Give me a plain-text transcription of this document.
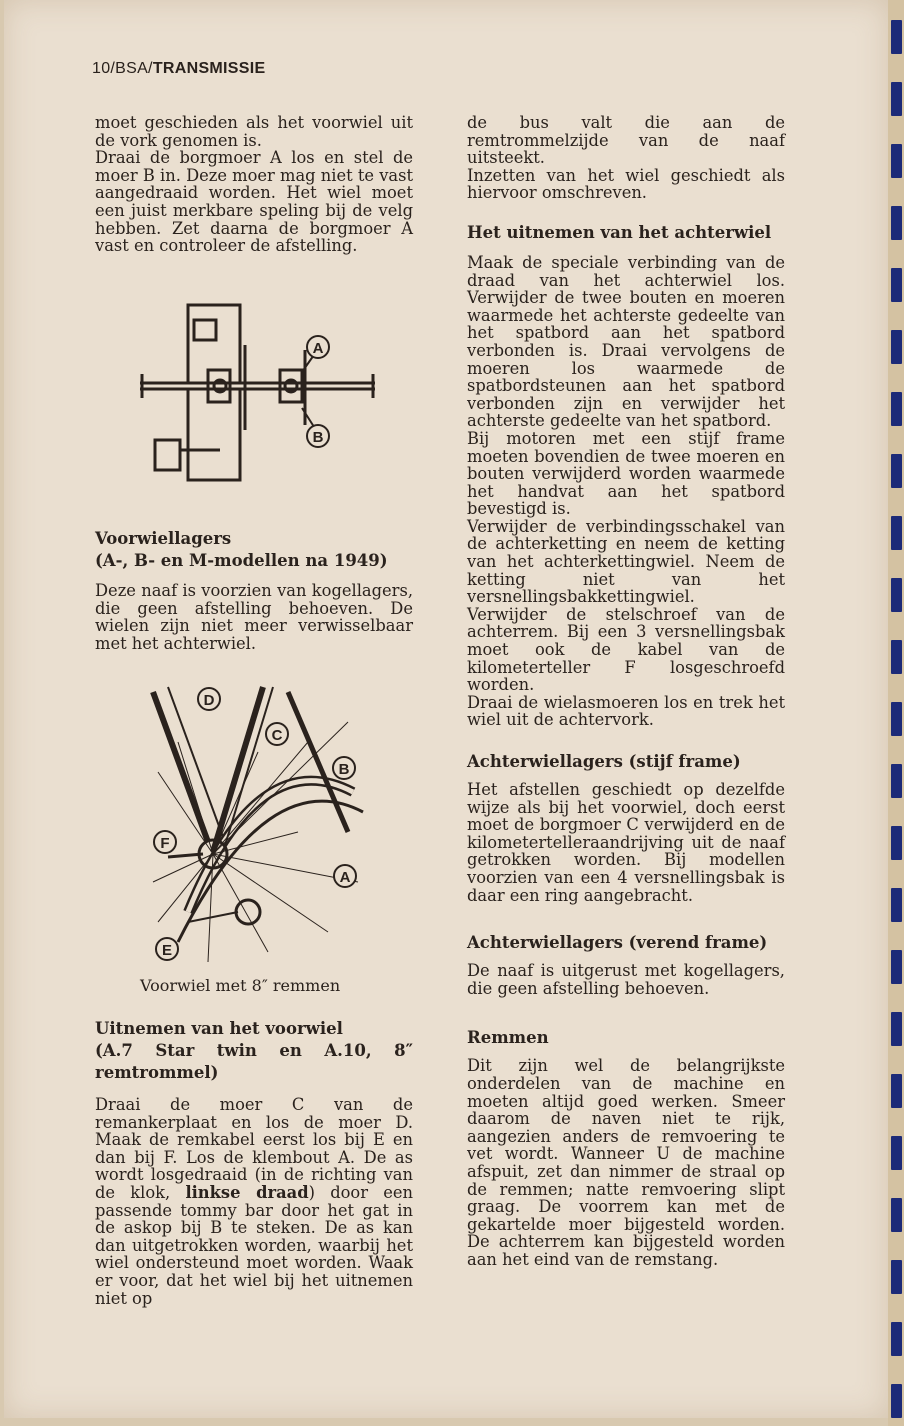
10/BSA/TRANSMISSIE

moet geschieden als het voorwiel uit de vork genomen is.

Draai de borgmoer A los en stel de moer B in. Deze moer mag niet te vast aangedraaid worden. Het wiel moet een juist merkbare speling bij de velg hebben. Zet daarna de borgmoer A vast en controleer de afstelling.

A
B

Voorwiellagers

(A-, B- en M-modellen na 1949)

Deze naaf is voorzien van kogellagers, die geen afstelling behoeven. De wielen zijn niet meer verwisselbaar met het achterwiel.

D
C
B
F
A
E
Voorwiel met 8″ remmen

Uitnemen van het voorwiel

(A.7 Star twin en A.10, 8″ remtrommel)

Draai de moer C van de remankerplaat en los de moer D. Maak de remkabel eerst los bij E en dan bij F. Los de klembout A. De as wordt losgedraaid (in de richting van de klok, linkse draad) door een passende tommy bar door het gat in de askop bij B te steken. De as kan dan uitgetrokken worden, waarbij het wiel ondersteund moet worden. Waak er voor, dat het wiel bij het uitnemen niet op

de bus valt die aan de remtrommelzijde van de naaf uitsteekt.

Inzetten van het wiel geschiedt als hiervoor omschreven.

Het uitnemen van het achterwiel

Maak de speciale verbinding van de draad van het achterwiel los. Verwijder de twee bouten en moeren waarmede het achterste gedeelte van het spatbord aan het spatbord verbonden is. Draai vervolgens de moeren los waarmede de spatbordsteunen aan het spatbord verbonden zijn en verwijder het achterste gedeelte van het spatbord.

Bij motoren met een stijf frame moeten bovendien de twee moeren en bouten verwijderd worden waarmede het handvat aan het spatbord bevestigd is.

Verwijder de verbindingsschakel van de achterketting en neem de ketting van het achterkettingwiel. Neem de ketting niet van het versnellingsbakkettingwiel.

Verwijder de stelschroef van de achterrem. Bij een 3 versnellingsbak moet ook de kabel van de kilometerteller F losgeschroefd worden.

Draai de wielasmoeren los en trek het wiel uit de achtervork.

Achterwiellagers (stijf frame)

Het afstellen geschiedt op dezelfde wijze als bij het voorwiel, doch eerst moet de borgmoer C verwijderd en de kilometertelleraandrijving uit de naaf getrokken worden. Bij modellen voorzien van een 4 versnellingsbak is daar een ring aangebracht.

Achterwiellagers (verend frame)

De naaf is uitgerust met kogellagers, die geen afstelling behoeven.

Remmen

Dit zijn wel de belangrijkste onderdelen van de machine en moeten altijd goed werken. Smeer daarom de naven niet te rijk, aangezien anders de remvoering te vet wordt. Wanneer U de machine afspuit, zet dan nimmer de straal op de remmen; natte remvoering slipt graag. De voorrem kan met de gekartelde moer bijgesteld worden. De achterrem kan bijgesteld worden aan het eind van de remstang.
